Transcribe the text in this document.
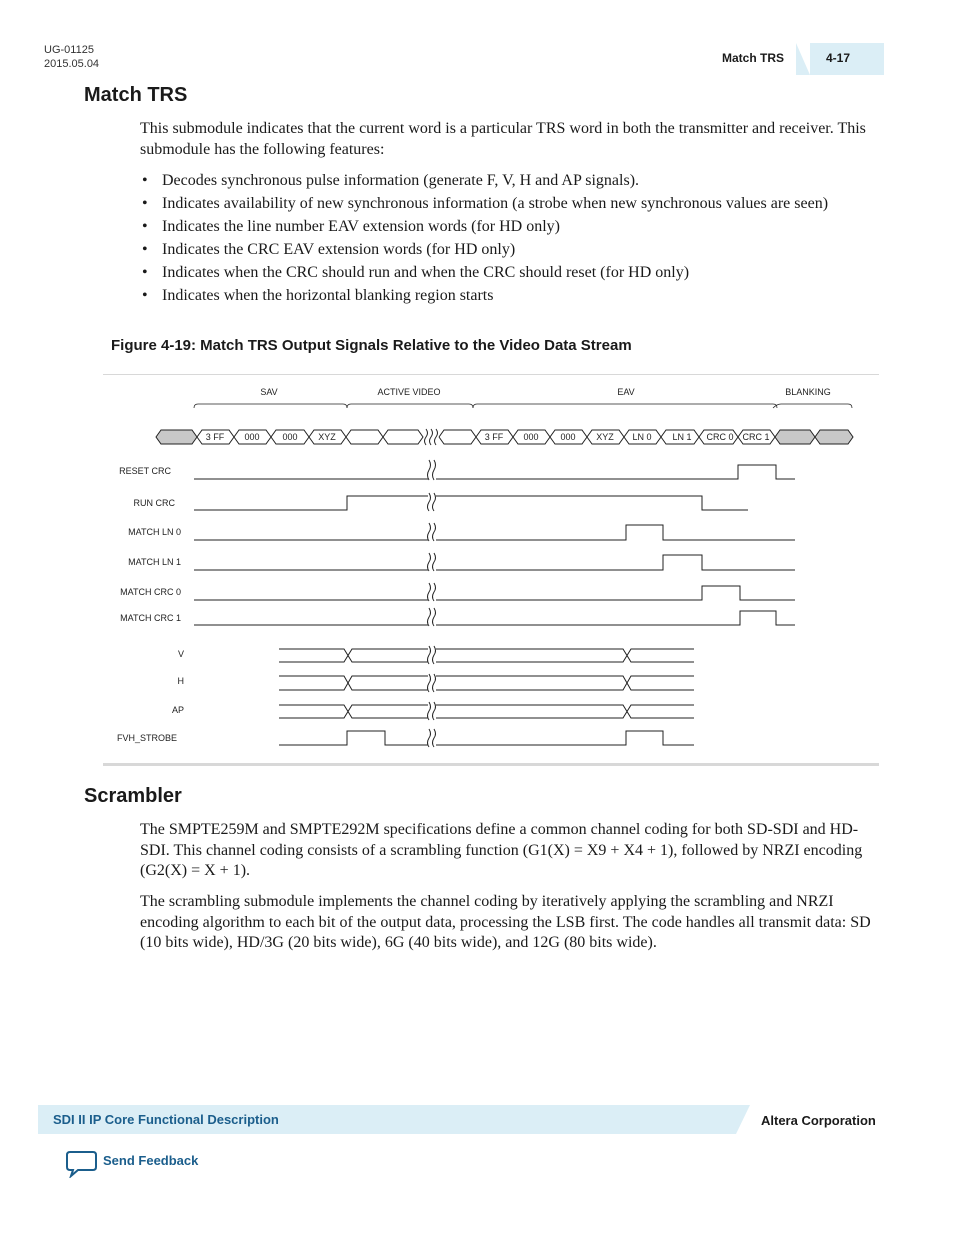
UG-01125
2015.05.04	Match TRS	4-17
Match TRS

This submodule indicates that the current word is a particular TRS word in both the transmitter and receiver. This submodule has the following features:

• Decodes synchronous pulse information (generate F, V, H and AP signals).
• Indicates availability of new synchronous information (a strobe when new synchronous values are seen)
• Indicates the line number EAV extension words (for HD only)
• Indicates the CRC EAV extension words (for HD only)
• Indicates when the CRC should run and when the CRC should reset (for HD only)
• Indicates when the horizontal blanking region starts
Figure 4-19: Match TRS Output Signals Relative to the Video Data Stream
SAV	ACTIVE VIDEO	EAV	BLANKING
3 FF 000	000 XYZ	3 FF 000 000 XYZ LN 0 LN 1 CRC 0 CRC 1
RESET CRC
RUN CRC
MATCH LN 0
MATCH LN 1
MATCH CRC 0
MATCH CRC 1
V
H
AP
FVH_STROBE
Scrambler

The SMPTE259M and SMPTE292M specifications define a common channel coding for both SD-SDI and HD-SDI. This channel coding consists of a scrambling function (G1(X) = X9 + X4 + 1), followed by NRZI encoding (G2(X) = X + 1).

The scrambling submodule implements the channel coding by iteratively applying the scrambling and NRZI encoding algorithm to each bit of the output data, processing the LSB first. The code handles all transmit data: SD (10 bits wide), HD/3G (20 bits wide), 6G (40 bits wide), and 12G (80 bits wide).

SDI II IP Core Functional Description	Altera Corporation
Send Feedback
